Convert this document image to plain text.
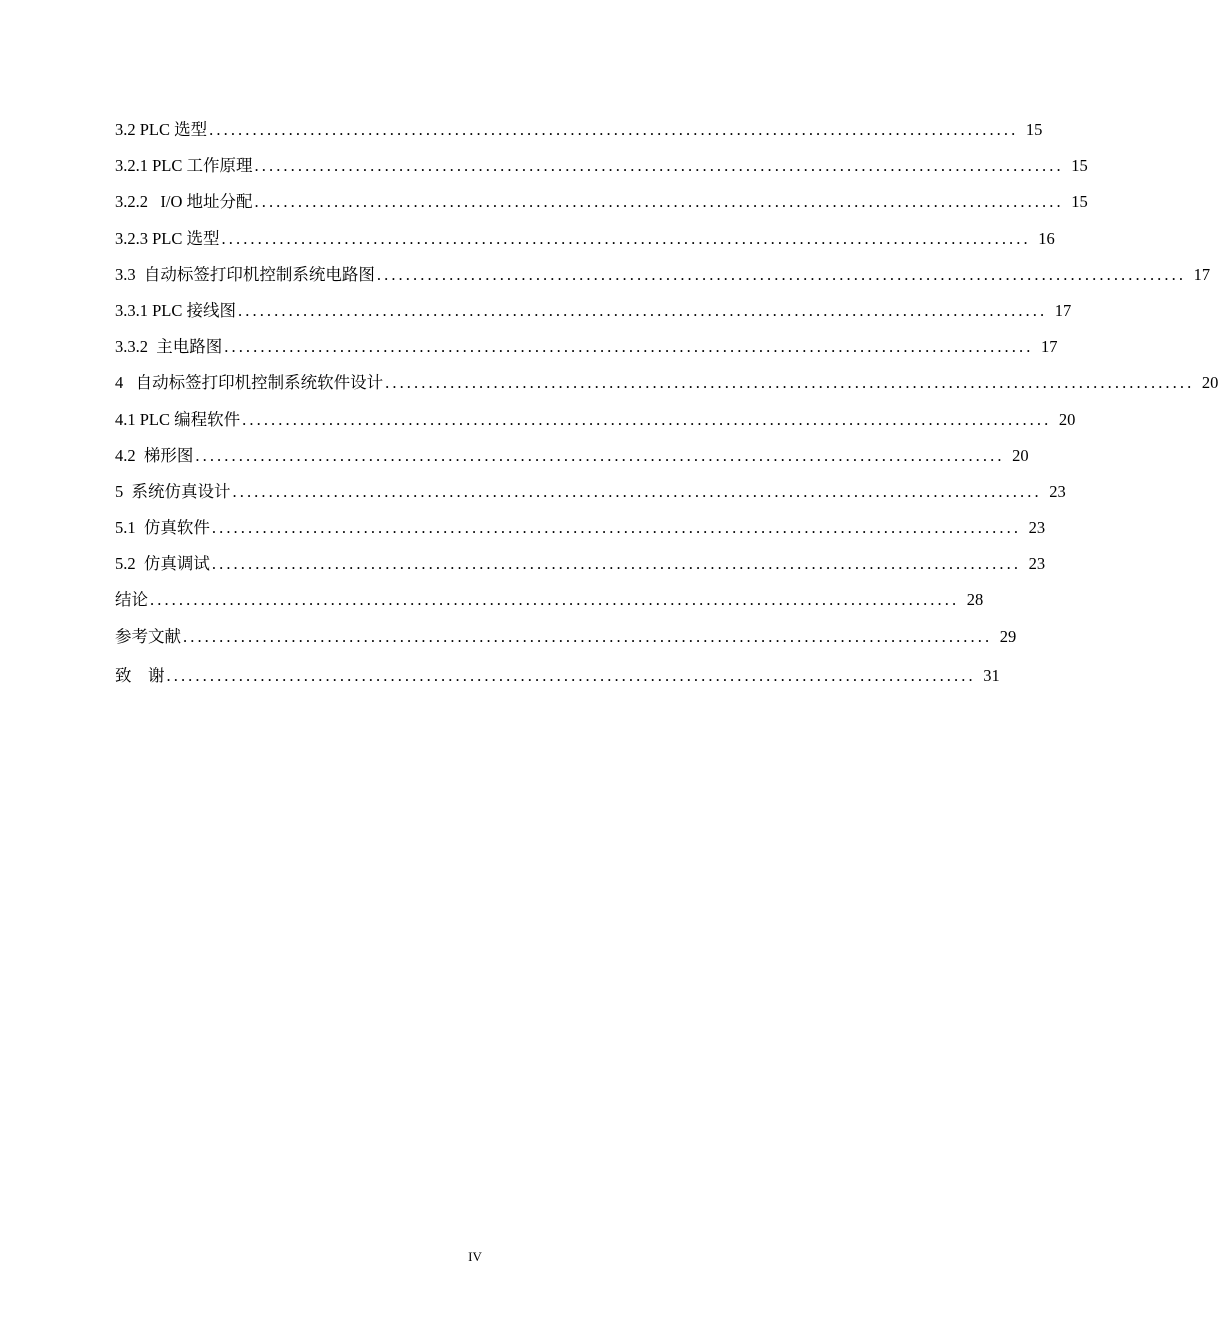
3.2 PLC 选型 ................................................................................................................ 15
3.2.1 PLC 工作原理 ................................................................................................................ 15
3.2.2   I/O 地址分配 ................................................................................................................ 15
3.2.3 PLC 选型 ................................................................................................................ 16
3.3  自动标签打印机控制系统电路图 ................................................................................................................ 17
3.3.1 PLC 接线图 ................................................................................................................ 17
3.3.2  主电路图 ................................................................................................................ 17
4   自动标签打印机控制系统软件设计 ................................................................................................................ 20
4.1 PLC 编程软件 ................................................................................................................ 20
4.2  梯形图 ................................................................................................................ 20
5  系统仿真设计 ................................................................................................................ 23
5.1  仿真软件 ................................................................................................................ 23
5.2  仿真调试 ................................................................................................................ 23
结论 ................................................................................................................ 28
参考文献 ................................................................................................................ 29
致    谢 ................................................................................................................ 31
IV
